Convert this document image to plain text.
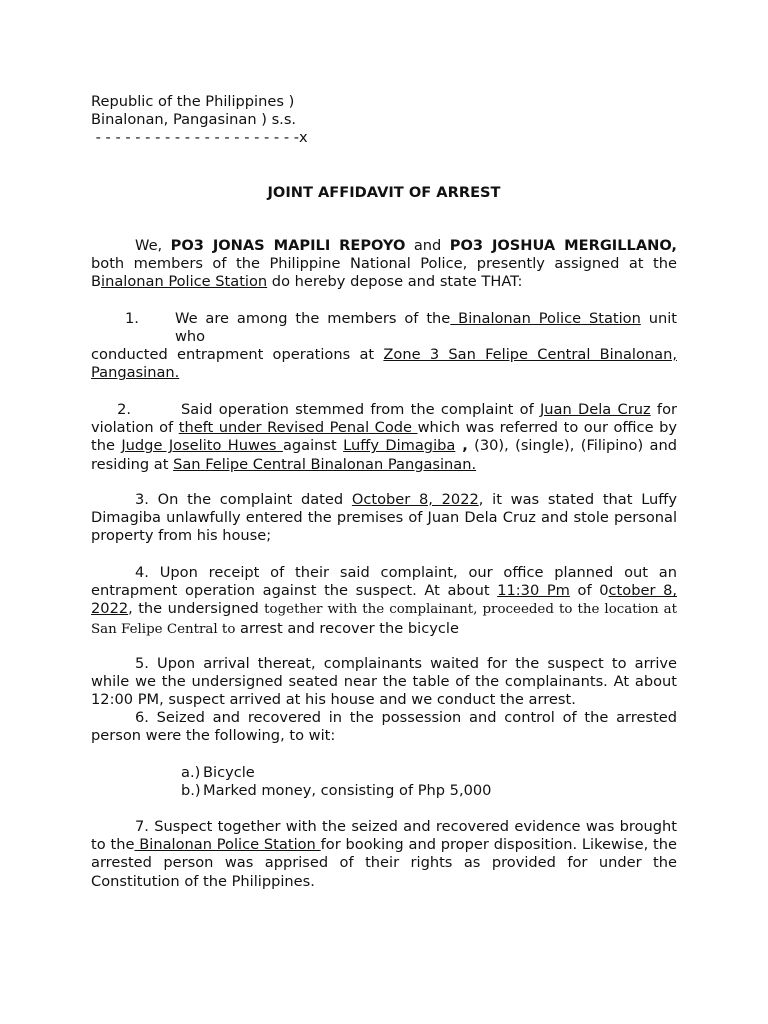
Republic of the Philippines )
Binalonan, Pangasinan ) s.s.
- - - - - - - - - - - - - - - - - - - - -x
JOINT AFFIDAVIT OF ARREST
We, PO3 JONAS MAPILI REPOYO and PO3 JOSHUA MERGILLANO, both members of the Philippine National Police, presently assigned at the Binalonan Police Station do hereby depose and state THAT:
1. We are among the members of the Binalonan Police Station unit who
conducted entrapment operations at Zone 3 San Felipe Central Binalonan, Pangasinan.
2.	Said operation stemmed from the complaint of Juan Dela Cruz for violation of theft under Revised Penal Code which was referred to our office by the Judge Joselito Huwes against Luffy Dimagiba , (30), (single), (Filipino) and residing at San Felipe Central Binalonan Pangasinan.
3. On the complaint dated October 8, 2022, it was stated that Luffy Dimagiba unlawfully entered the premises of Juan Dela Cruz and stole personal property from his house;
4. Upon receipt of their said complaint, our office planned out an entrapment operation against the suspect. At about 11:30 Pm of 0ctober 8, 2022, the undersigned together with the complainant, proceeded to the location at San Felipe Central to arrest and recover the bicycle
5. Upon arrival thereat, complainants waited for the suspect to arrive while we the undersigned seated near the table of the complainants. At about 12:00 PM, suspect arrived at his house and we conduct the arrest.
6. Seized and recovered in the possession and control of the arrested person were the following, to wit:
a.) Bicycle
b.) Marked money, consisting of Php 5,000
7. Suspect together with the seized and recovered evidence was brought to the Binalonan Police Station for booking and proper disposition. Likewise, the arrested person was apprised of their rights as provided for under the Constitution of the Philippines.
